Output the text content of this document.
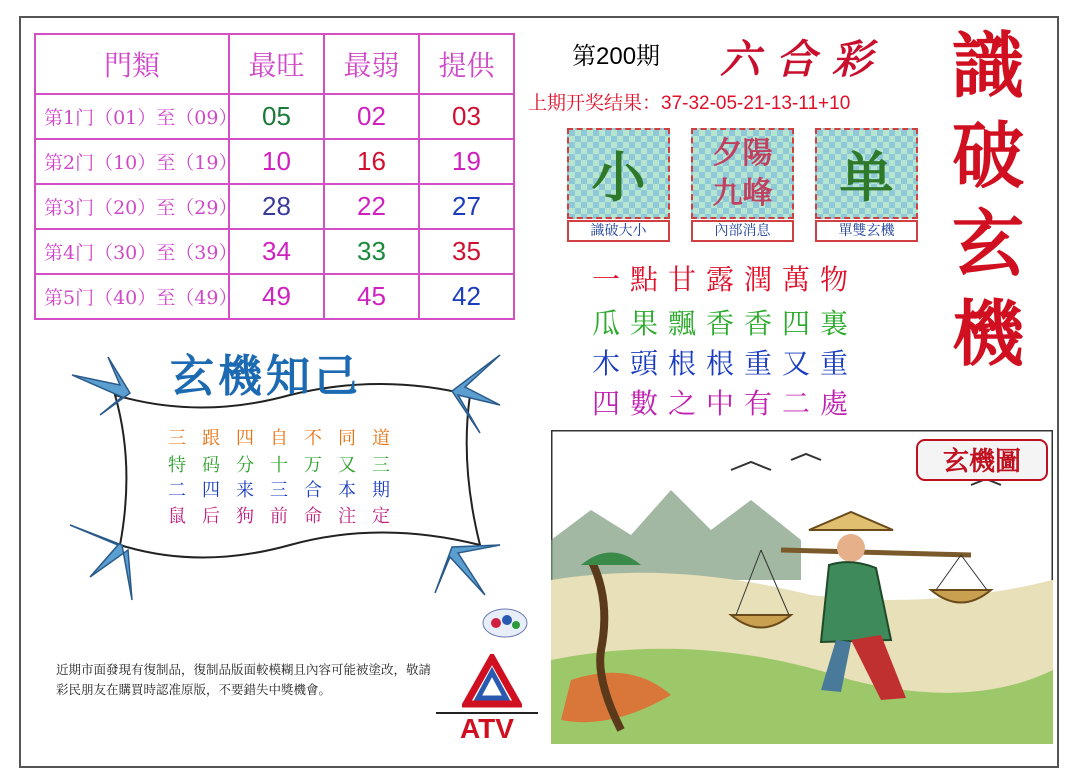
門類	最旺	最弱	提供
第1门（01）至（09）	05	02	03
第2门（10）至（19）	10	16	19
第3门（20）至（29）	28	22	27
第4门（30）至（39）	34	33	35
第5门（40）至（49）	49	45	42
第200期 六合彩
上期开奖结果：37-32-05-21-13-11+10 識
破
玄
機
小
識破大小
夕陽九峰
內部消息
单
單雙玄機
一點甘露潤萬物
瓜果飄香香四裏
木頭根根重又重
四數之中有二處
玄機知己
三跟四自不同道
特码分十万又三
二四来三合本期
鼠后狗前命注定
近期市面發現有復制品，復制品版面較模糊且內容可能被塗改，敬請彩民朋友在購買時認准原版，不要錯失中獎機會。
ATV
玄機圖
